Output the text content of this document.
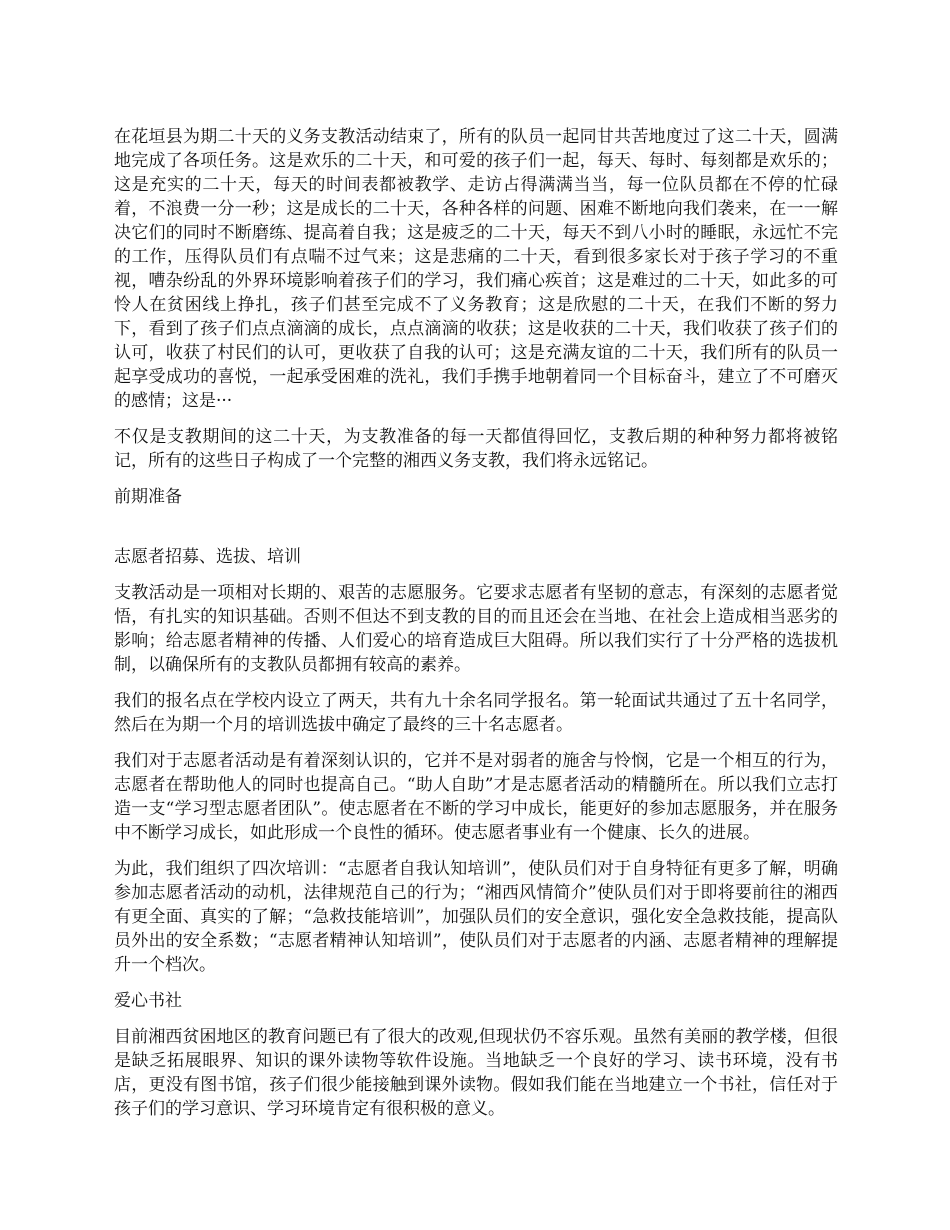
在花垣县为期二十天的义务支教活动结束了，所有的队员一起同甘共苦地度过了这二十天，圆满地完成了各项任务。这是欢乐的二十天，和可爱的孩子们一起，每天、每时、每刻都是欢乐的；这是充实的二十天，每天的时间表都被教学、走访占得满满当当，每一位队员都在不停的忙碌着，不浪费一分一秒；这是成长的二十天，各种各样的问题、困难不断地向我们袭来，在一一解决它们的同时不断磨练、提高着自我；这是疲乏的二十天，每天不到八小时的睡眠，永远忙不完的工作，压得队员们有点喘不过气来；这是悲痛的二十天，看到很多家长对于孩子学习的不重视，嘈杂纷乱的外界环境影响着孩子们的学习，我们痛心疾首；这是难过的二十天，如此多的可怜人在贫困线上挣扎，孩子们甚至完成不了义务教育；这是欣慰的二十天，在我们不断的努力下，看到了孩子们点点滴滴的成长，点点滴滴的收获；这是收获的二十天，我们收获了孩子们的认可，收获了村民们的认可，更收获了自我的认可；这是充满友谊的二十天，我们所有的队员一起享受成功的喜悦，一起承受困难的洗礼，我们手携手地朝着同一个目标奋斗，建立了不可磨灭的感情；这是···

不仅是支教期间的这二十天，为支教准备的每一天都值得回忆，支教后期的种种努力都将被铭记，所有的这些日子构成了一个完整的湘西义务支教，我们将永远铭记。

前期准备

志愿者招募、选拔、培训

支教活动是一项相对长期的、艰苦的志愿服务。它要求志愿者有坚韧的意志，有深刻的志愿者觉悟，有扎实的知识基础。否则不但达不到支教的目的而且还会在当地、在社会上造成相当恶劣的影响；给志愿者精神的传播、人们爱心的培育造成巨大阻碍。所以我们实行了十分严格的选拔机制，以确保所有的支教队员都拥有较高的素养。

我们的报名点在学校内设立了两天，共有九十余名同学报名。第一轮面试共通过了五十名同学，然后在为期一个月的培训选拔中确定了最终的三十名志愿者。

我们对于志愿者活动是有着深刻认识的，它并不是对弱者的施舍与怜悯，它是一个相互的行为，志愿者在帮助他人的同时也提高自己。“助人自助”才是志愿者活动的精髓所在。所以我们立志打造一支“学习型志愿者团队”。使志愿者在不断的学习中成长，能更好的参加志愿服务，并在服务中不断学习成长，如此形成一个良性的循环。使志愿者事业有一个健康、长久的进展。

为此，我们组织了四次培训：“志愿者自我认知培训”，使队员们对于自身特征有更多了解，明确参加志愿者活动的动机，法律规范自己的行为；“湘西风情简介”使队员们对于即将要前往的湘西有更全面、真实的了解；“急救技能培训”，加强队员们的安全意识，强化安全急救技能，提高队员外出的安全系数；“志愿者精神认知培训”，使队员们对于志愿者的内涵、志愿者精神的理解提升一个档次。

爱心书社

目前湘西贫困地区的教育问题已有了很大的改观,但现状仍不容乐观。虽然有美丽的教学楼，但很是缺乏拓展眼界、知识的课外读物等软件设施。当地缺乏一个良好的学习、读书环境，没有书店，更没有图书馆，孩子们很少能接触到课外读物。假如我们能在当地建立一个书社，信任对于孩子们的学习意识、学习环境肯定有很积极的意义。
